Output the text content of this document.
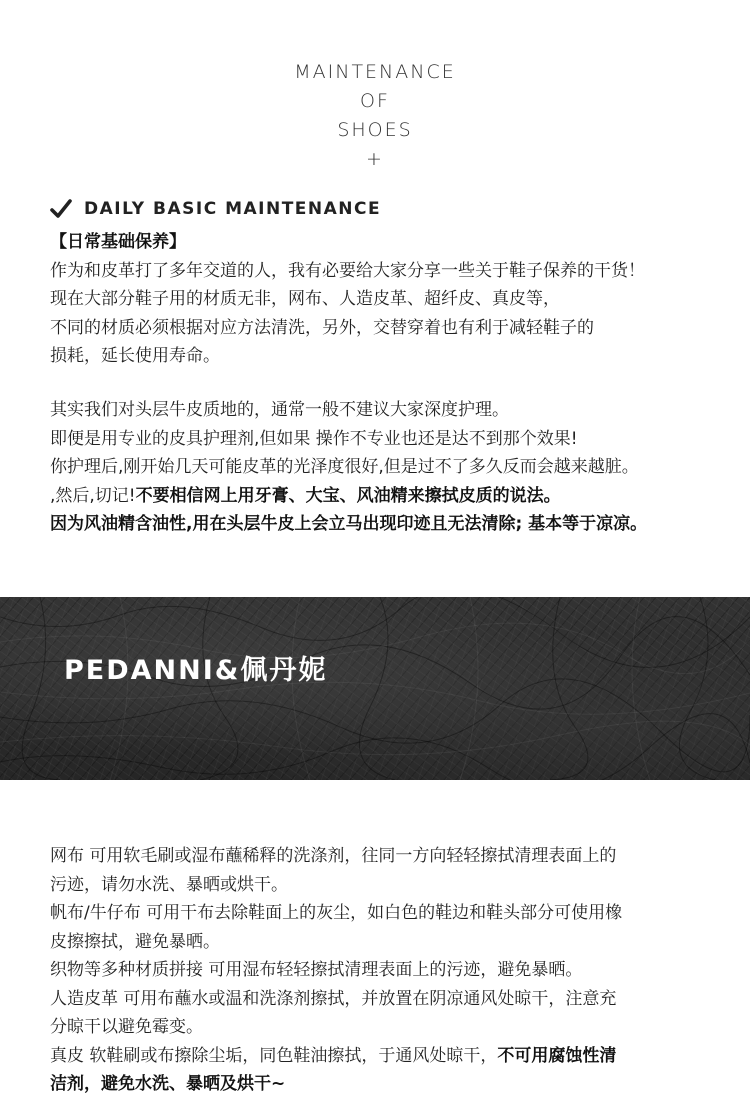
MAINTENANCE
OF
SHOES
+
DAILY BASIC MAINTENANCE
【日常基础保养】
作为和皮革打了多年交道的人，我有必要给大家分享一些关于鞋子保养的干货！
现在大部分鞋子用的材质无非，网布、人造皮革、超纤皮、真皮等，
不同的材质必须根据对应方法清洗，另外，交替穿着也有利于减轻鞋子的
损耗，延长使用寿命。
其实我们对头层牛皮质地的，通常一般不建议大家深度护理。
即便是用专业的皮具护理剂,但如果 操作不专业也还是达不到那个效果!
你护理后,刚开始几天可能皮革的光泽度很好,但是过不了多久反而会越来越脏。
,然后,切记!不要相信网上用牙膏、大宝、风油精来擦拭皮质的说法。
因为风油精含油性,用在头层牛皮上会立马出现印迹且无法清除; 基本等于凉凉。
PEDANNI&佩丹妮
网布 可用软毛刷或湿布蘸稀释的洗涤剂，往同一方向轻轻擦拭清理表面上的
污迹，请勿水洗、暴晒或烘干。
帆布/牛仔布 可用干布去除鞋面上的灰尘，如白色的鞋边和鞋头部分可使用橡
皮擦擦拭，避免暴晒。
织物等多种材质拼接 可用湿布轻轻擦拭清理表面上的污迹，避免暴晒。
人造皮革 可用布蘸水或温和洗涤剂擦拭，并放置在阴凉通风处晾干，注意充
分晾干以避免霉变。
真皮 软鞋刷或布擦除尘垢，同色鞋油擦拭，于通风处晾干，不可用腐蚀性清
洁剂，避免水洗、暴晒及烘干~
